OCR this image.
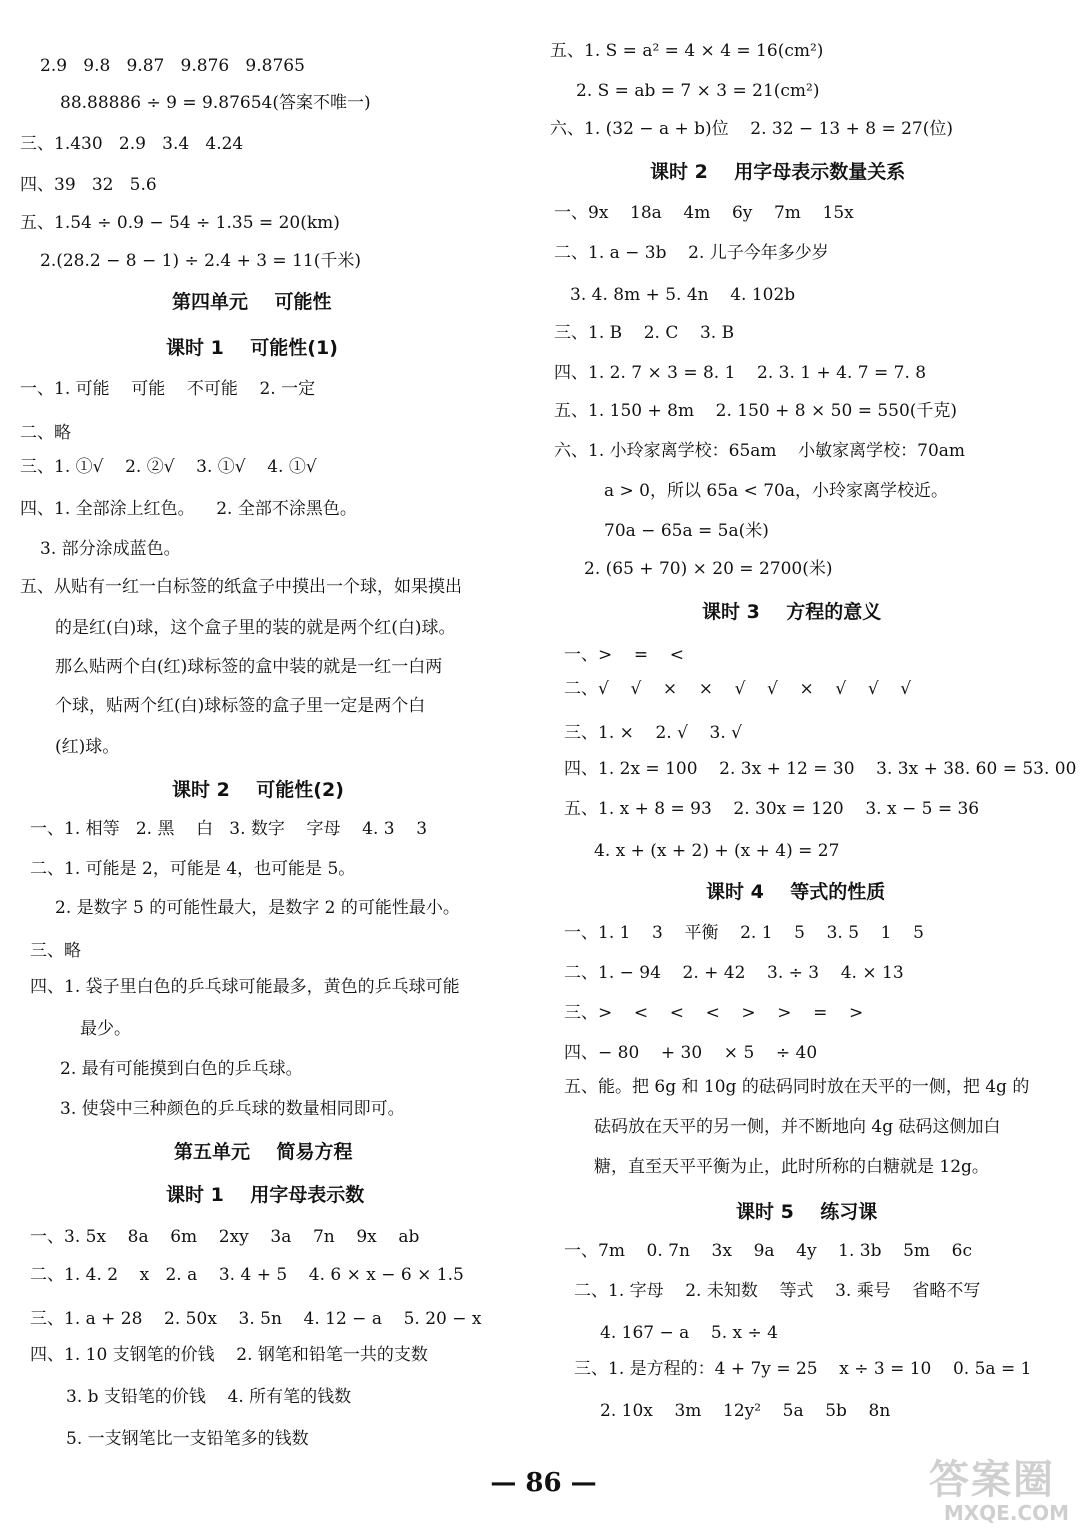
2.9   9.8   9.87   9.876   9.8765
88.88886 ÷ 9 = 9.87654(答案不唯一)
三、1.430   2.9   3.4   4.24
四、39   32   5.6
五、1.54 ÷ 0.9 − 54 ÷ 1.35 = 20(km)
2.(28.2 − 8 − 1) ÷ 2.4 + 3 = 11(千米)
第四单元    可能性
课时 1    可能性(1)
一、1. 可能    可能    不可能    2. 一定
二、略
三、1. ①√    2. ②√    3. ①√    4. ①√
四、1. 全部涂上红色。    2. 全部不涂黑色。
3. 部分涂成蓝色。
五、从贴有一红一白标签的纸盒子中摸出一个球，如果摸出
的是红(白)球，这个盒子里的装的就是两个红(白)球。
那么贴两个白(红)球标签的盒中装的就是一红一白两
个球，贴两个红(白)球标签的盒子里一定是两个白
(红)球。
课时 2    可能性(2)
一、1. 相等   2. 黑    白   3. 数字    字母    4. 3    3
二、1. 可能是 2，可能是 4，也可能是 5。
2. 是数字 5 的可能性最大，是数字 2 的可能性最小。
三、略
四、1. 袋子里白色的乒乓球可能最多，黄色的乒乓球可能
最少。
2. 最有可能摸到白色的乒乓球。
3. 使袋中三种颜色的乒乓球的数量相同即可。
第五单元    简易方程
课时 1    用字母表示数
一、3. 5x    8a    6m    2xy    3a    7n    9x    ab
二、1. 4. 2    x   2. a    3. 4 + 5    4. 6 × x − 6 × 1.5
三、1. a + 28    2. 50x    3. 5n    4. 12 − a    5. 20 − x
四、1. 10 支钢笔的价钱    2. 钢笔和铅笔一共的支数
3. b 支铅笔的价钱    4. 所有笔的钱数
5. 一支钢笔比一支铅笔多的钱数
五、1. S = a² = 4 × 4 = 16(cm²)
2. S = ab = 7 × 3 = 21(cm²)
六、1. (32 − a + b)位    2. 32 − 13 + 8 = 27(位)
课时 2    用字母表示数量关系
一、9x    18a    4m    6y    7m    15x
二、1. a − 3b    2. 儿子今年多少岁
3. 4. 8m + 5. 4n    4. 102b
三、1. B    2. C    3. B
四、1. 2. 7 × 3 = 8. 1    2. 3. 1 + 4. 7 = 7. 8
五、1. 150 + 8m    2. 150 + 8 × 50 = 550(千克)
六、1. 小玲家离学校：65am    小敏家离学校：70am
a > 0，所以 65a < 70a，小玲家离学校近。
70a − 65a = 5a(米)
2. (65 + 70) × 20 = 2700(米)
课时 3    方程的意义
一、>    =    <
二、√    √    ×    ×    √    √    ×    √    √    √
三、1. ×    2. √    3. √
四、1. 2x = 100    2. 3x + 12 = 30    3. 3x + 38. 60 = 53. 00
五、1. x + 8 = 93    2. 30x = 120    3. x − 5 = 36
4. x + (x + 2) + (x + 4) = 27
课时 4    等式的性质
一、1. 1    3    平衡    2. 1    5    3. 5    1    5
二、1. − 94    2. + 42    3. ÷ 3    4. × 13
三、>    <    <    <    >    >    =    >
四、− 80    + 30    × 5    ÷ 40
五、能。把 6g 和 10g 的砝码同时放在天平的一侧，把 4g 的
砝码放在天平的另一侧，并不断地向 4g 砝码这侧加白
糖，直至天平平衡为止，此时所称的白糖就是 12g。
课时 5    练习课
一、7m    0. 7n    3x    9a    4y    1. 3b    5m    6c
二、1. 字母    2. 未知数    等式    3. 乘号    省略不写
4. 167 − a    5. x ÷ 4
三、1. 是方程的：4 + 7y = 25    x ÷ 3 = 10    0. 5a = 1
2. 10x    3m    12y²    5a    5b    8n
— 86 —	答案圈
MXQE.COM
